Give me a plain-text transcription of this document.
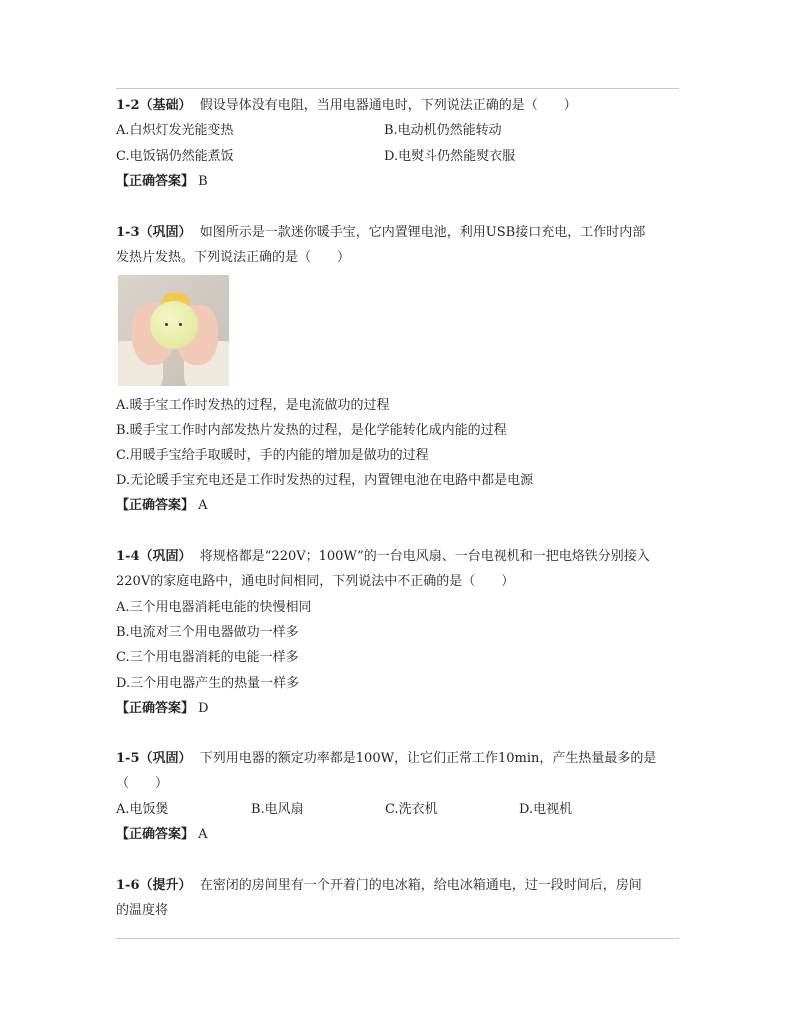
1-2（基础） 假设导体没有电阻，当用电器通电时，下列说法正确的是（　　）
A.白炽灯发光能变热	B.电动机仍然能转动
C.电饭锅仍然能煮饭	D.电熨斗仍然能熨衣服
【正确答案】 B
1-3（巩固） 如图所示是一款迷你暖手宝，它内置锂电池，利用USB接口充电，工作时内部
发热片发热。下列说法正确的是（　　）
A.暖手宝工作时发热的过程，是电流做功的过程
B.暖手宝工作时内部发热片发热的过程，是化学能转化成内能的过程
C.用暖手宝给手取暖时，手的内能的增加是做功的过程
D.无论暖手宝充电还是工作时发热的过程，内置锂电池在电路中都是电源
【正确答案】 A
1-4（巩固） 将规格都是“220V；100W”的一台电风扇、一台电视机和一把电烙铁分别接入
220V的家庭电路中，通电时间相同，下列说法中不正确的是（　　）
A.三个用电器消耗电能的快慢相同
B.电流对三个用电器做功一样多
C.三个用电器消耗的电能一样多
D.三个用电器产生的热量一样多
【正确答案】 D
1-5（巩固） 下列用电器的额定功率都是100W，让它们正常工作10min，产生热量最多的是
（　　）
A.电饭煲	B.电风扇	C.洗衣机	D.电视机
【正确答案】 A
1-6（提升） 在密闭的房间里有一个开着门的电冰箱，给电冰箱通电，过一段时间后，房间
的温度将
